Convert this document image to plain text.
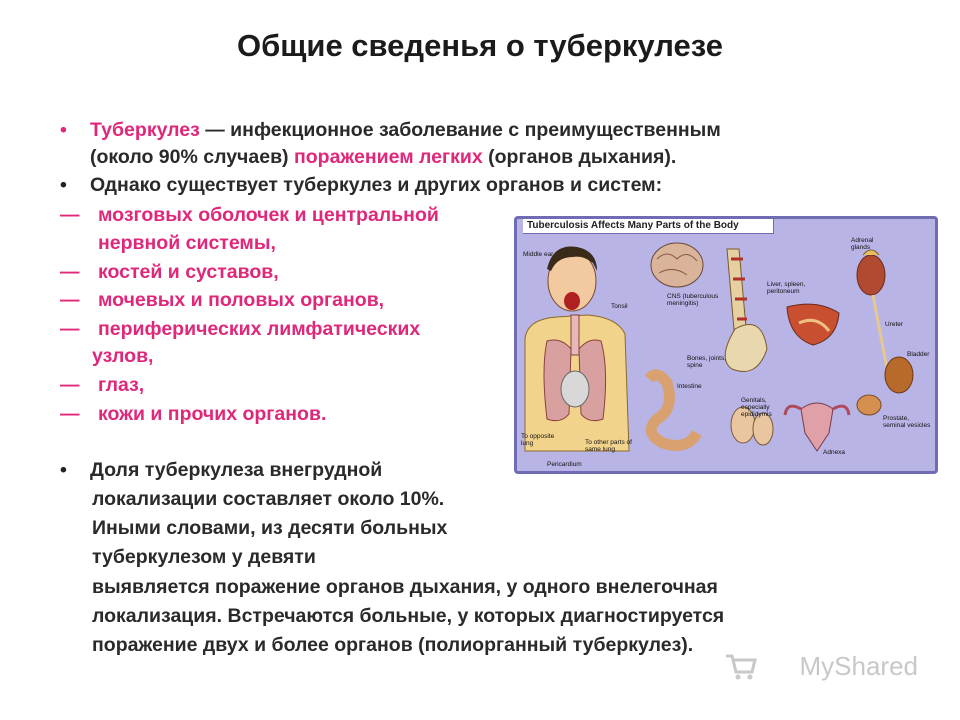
Общие сведенья о туберкулезе
• Туберкулез — инфекционное заболевание с преимущественным
(около 90% случаев) поражением легких (органов дыхания).
• Однако существует туберкулез и других органов и систем:
— мозговых оболочек и центральной
нервной системы,
— костей и суставов,
— мочевых и половых органов,
— периферических лимфатических
узлов,
— глаз,
— кожи и прочих органов.
• Доля туберкулеза внегрудной
локализации составляет около 10%.
Иными словами, из десяти больных
туберкулезом у девяти
выявляется поражение органов дыхания, у одного внелегочная
локализация. Встречаются больные, у которых диагностируется
поражение двух и более органов (полиорганный туберкулез).
Tuberculosis Affects Many Parts of the Body
Middle ear
Tonsil
CNS (tuberculous meningitis)
Bones, joints, spine
Liver, spleen, peritoneum
Adrenal glands
Ureter
Bladder
Intestine
Genitals, especially epididymis
Prostate, seminal vesicles
Adnexa
To opposite lung	To other parts of same lung
Pericardium
MyShared
